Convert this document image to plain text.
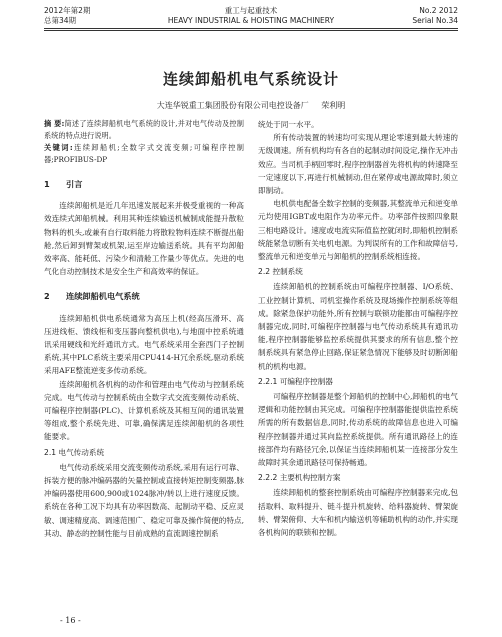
2012年第2期
总第34期
重工与起重技术
HEAVY INDUSTRIAL & HOISTING MACHINERY
No.2 2012
Serial No.34
连续卸船机电气系统设计
大连华锐重工集团股份有限公司电控设备厂 荣利明

摘 要:简述了连续卸船机电气系统的设计,并对电气传动及控制系统的特点进行说明。

关键词:连续卸船机;全数字式交流变频;可编程序控制器;PROFIBUS-DP

1 引言

连续卸船机是近几年迅速发展起来并极受重视的一种高效连续式卸船机械。利用其种连续输送机械制成能提升散粒物料的机头,或兼有自行取料能力将散粒物料连续不断提出船舱,然后卸到臂架或机架,运至岸边输送系统。具有平均卸船效率高、能耗低、污染少和清舱工作量少等优点。先进的电气化自动控制技术是安全生产和高效率的保证。

2 连续卸船机电气系统

连续卸船机供电系统通常为高压上机(经高压滑环、高压进线柜、馈线柜和变压器向整机供电),与地面中控系统通讯采用硬线和光纤通讯方式。电气系统采用全套西门子控制系统,其中PLC系统主要采用CPU414-H冗余系统,驱动系统采用AFE整流逆变多传动系统。

连续卸船机各机构的动作和管理由电气传动与控制系统完成。电气传动与控制系统由全数字式交流变频传动系统、可编程序控制器(PLC)、计算机系统及其相互间的通讯装置等组成,整个系统先进、可靠,确保满足连续卸船机的各项性能要求。

2.1 电气传动系统

电气传动系统采用交流变频传动系统,采用有运行可靠、拆装方便的脉冲编码器的矢量控制或直接转矩控制变频器,脉冲编码器使用600,900或1024脉冲/转以上进行速度反馈。系统在各种工况下均具有功率因数高、起制动平稳、反应灵敏、调速精度高、调速范围广、稳定可靠及操作简便的特点,其动、静态的控制性能与目前成熟的直流调速控制系

统处于同一水平。

所有传动装置的转速均可实现从理论零速到最大转速的无级调速。所有机构均有各自的起制动时间设定,操作无冲击效应。当司机手柄回零时,程序控制器首先将机构的转速降至一定速度以下,再进行机械制动,但在紧停或电源故障时,须立即制动。

电机供电配备全数字控制的变频器,其整流单元和逆变单元均使用IGBT或电阻作为功率元件。功率部件按照四象限三相电路设计。速度或电流实际值监控就闭时,即船机控制系统能紧急切断有关电机电源。为判误所有的工作和故障信号,整流单元和逆变单元与卸船机的控制系统相连接。

2.2 控制系统

连续卸船机的控制系统由可编程序控制器、I/O系统、工业控制计算机、司机室操作系统及现场操作控制系统等组成。除紧急保护功能外,所有控制与联锁功能都由可编程序控制器完成,同时,可编程序控制器与电气传动系统具有通讯功能,程序控制器能够监控系统提供其要求的所有信息,整个控制系统具有紧急停止回路,保证紧急情况下能够及时切断卸船机的机构电源。

2.2.1 可编程序控制器

可编程序控制器是整个卸船机的控制中心,卸船机的电气逻辑和功能控制由其完成。可编程序控制器能提供监控系统所需的所有数据信息,同时,传动系统的故障信息也进入可编程序控制器并通过其向监控系统提供。所有通讯路径上的连接部件均有路径冗余,以保证当连续卸船机某一连接部分发生故障时其余通讯路径可保持畅通。

2.2.2 主要机构控制方案

连续卸船机的整套控制系统由可编程序控制器来完成,包括取料、取料提升、链斗提升机旋转、给料器旋转、臂架旋转、臂架俯仰、大车和机内输送机等辅助机构的动作,并实现各机构间的联锁和控制。

- 16 -
